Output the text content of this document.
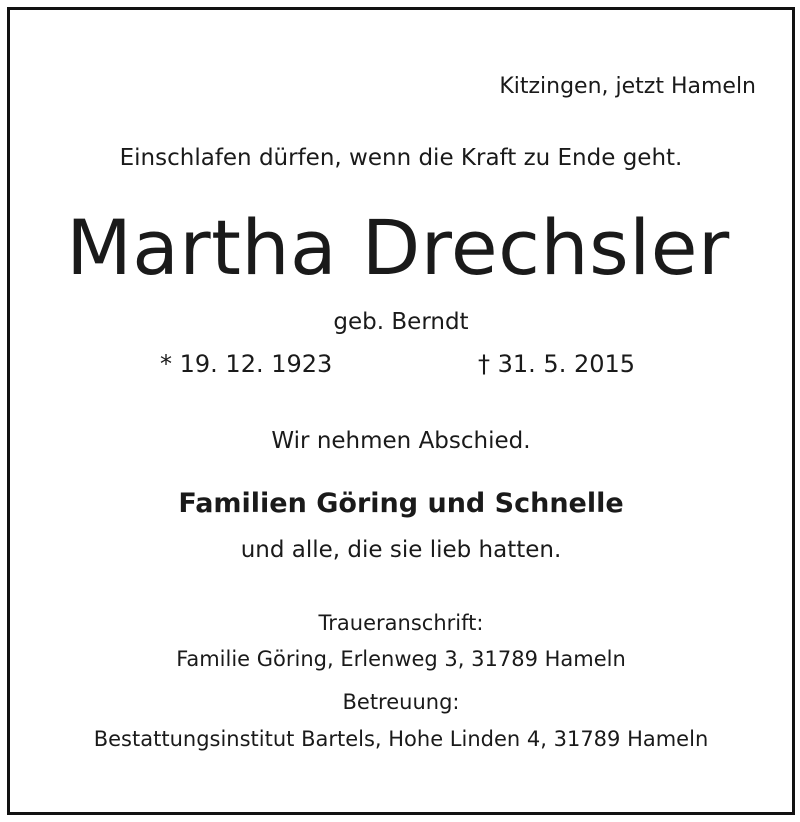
Kitzingen, jetzt Hameln
Einschlafen dürfen, wenn die Kraft zu Ende geht.
Martha Drechsler
geb. Berndt
* 19. 12. 1923	† 31. 5. 2015
Wir nehmen Abschied.
Familien Göring und Schnelle
und alle, die sie lieb hatten.
Traueranschrift:
Familie Göring, Erlenweg 3, 31789 Hameln
Betreuung:
Bestattungsinstitut Bartels, Hohe Linden 4, 31789 Hameln
